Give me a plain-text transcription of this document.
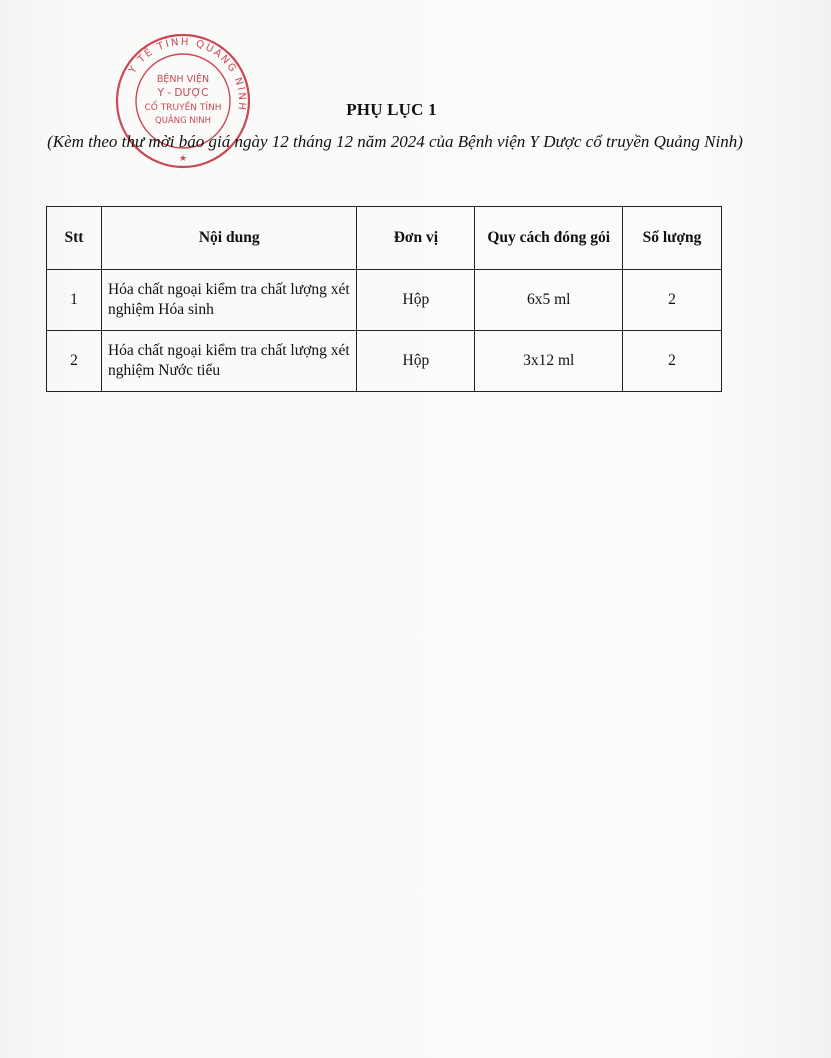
Y TẾ TỈNH QUẢNG NINH
BỆNH VIỆN
Y - DƯỢC
CỔ TRUYỀN TỈNH
QUẢNG NINH
★
PHỤ LỤC 1
(Kèm theo thư mời báo giá ngày 12 tháng 12 năm 2024 của Bệnh viện Y Dược cổ truyền Quảng Ninh)
Stt	Nội dung	Đơn vị	Quy cách đóng gói	Số lượng
1	Hóa chất ngoại kiểm tra chất lượng xét nghiệm Hóa sinh	Hộp	6x5 ml	2
2	Hóa chất ngoại kiểm tra chất lượng xét nghiệm Nước tiểu	Hộp	3x12 ml	2
